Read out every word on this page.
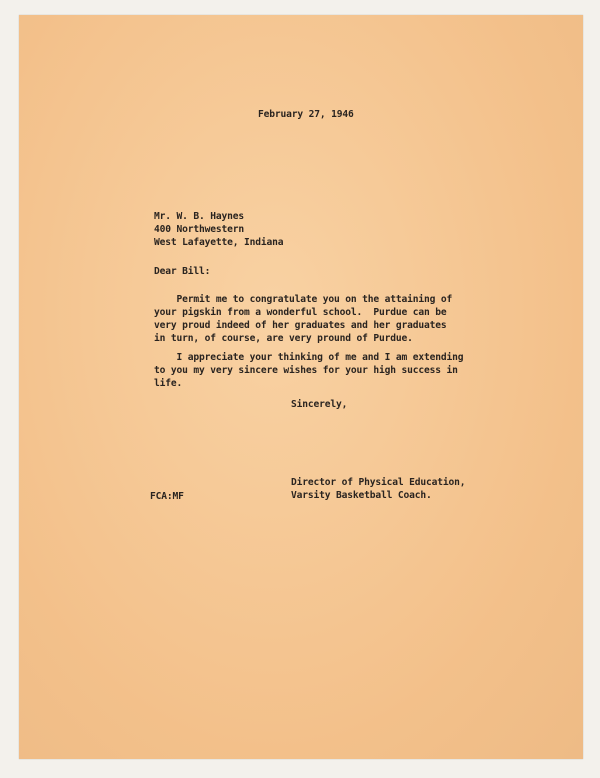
February 27, 1946

Mr. W. B. Haynes

400 Northwestern

West Lafayette, Indiana

Dear Bill:

Permit me to congratulate you on the attaining of

your pigskin from a wonderful school.  Purdue can be

very proud indeed of her graduates and her graduates

in turn, of course, are very pround of Purdue.

I appreciate your thinking of me and I am extending

to you my very sincere wishes for your high success in

life.

Sincerely,

Director of Physical Education,

Varsity Basketball Coach.

FCA:MF
